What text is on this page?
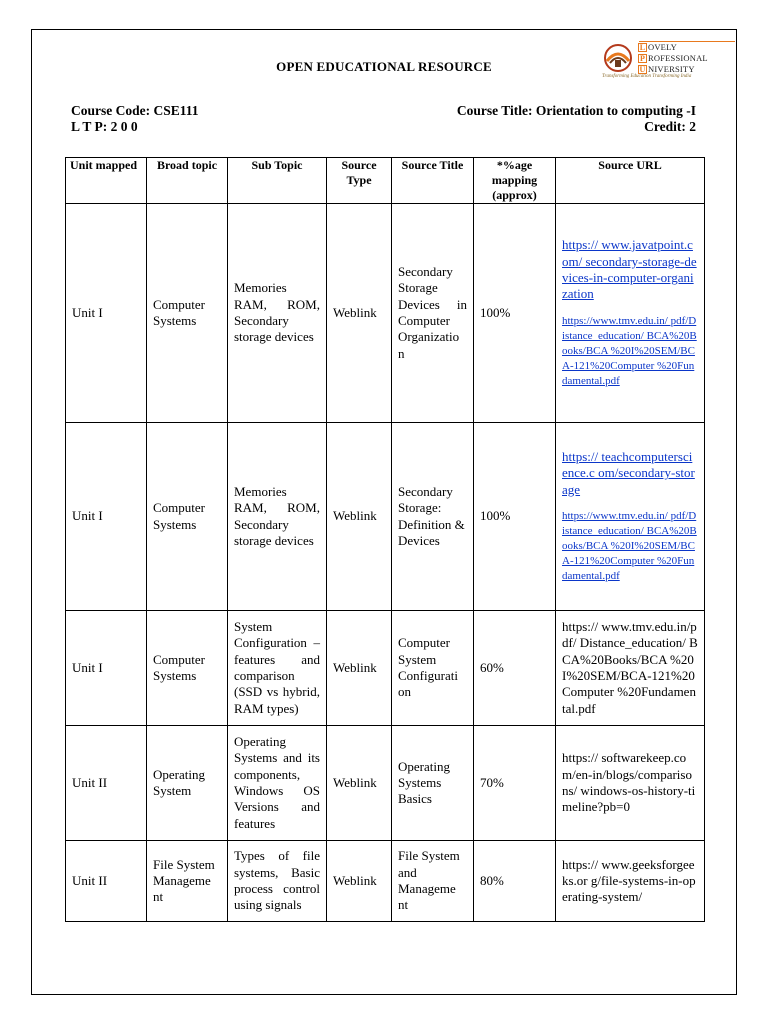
OPEN EDUCATIONAL RESOURCE
L OVELY
P ROFESSIONAL
U NIVERSITY
Transforming Education Transforming India
Course Code: CSE111
L T P: 2 0 0
Course Title: Orientation to computing -I
Credit: 2
Unit mapped	Broad topic	Sub Topic	Source Type	Source Title	*%age mapping (approx)	Source URL
Unit I	Computer Systems	Memories RAM, ROM, Secondary storage devices	Weblink	Secondary Storage Devices in Computer Organizatio n	100%	https:// www.javatpoint.com/ secondary-storage-devices-in-computer-organization
https://www.tmv.edu.in/ pdf/Distance_education/ BCA%20Books/BCA %20I%20SEM/BCA-121%20Computer %20Fundamental.pdf

Unit I	Computer Systems	Memories RAM, ROM, Secondary storage devices	Weblink	Secondary Storage: Definition & Devices	100%	https:// teachcomputerscience.c om/secondary-storage
https://www.tmv.edu.in/ pdf/Distance_education/ BCA%20Books/BCA %20I%20SEM/BCA-121%20Computer %20Fundamental.pdf

Unit I	Computer Systems	System Configuration – features and comparison (SSD vs hybrid, RAM types)	Weblink	Computer System Configurati on	60%	https:// www.tmv.edu.in/pdf/ Distance_education/ BCA%20Books/BCA %20I%20SEM/BCA-121%20Computer %20Fundamental.pdf

Unit II	Operating System	Operating Systems and its components, Windows OS Versions and features	Weblink	Operating Systems Basics	70%	https:// softwarekeep.com/en-in/blogs/comparisons/ windows-os-history-timeline?pb=0

Unit II	File System Manageme nt	Types of file systems, Basic process control using signals	Weblink	File System and Manageme nt	80%	https:// www.geeksforgeeks.or g/file-systems-in-operating-system/
